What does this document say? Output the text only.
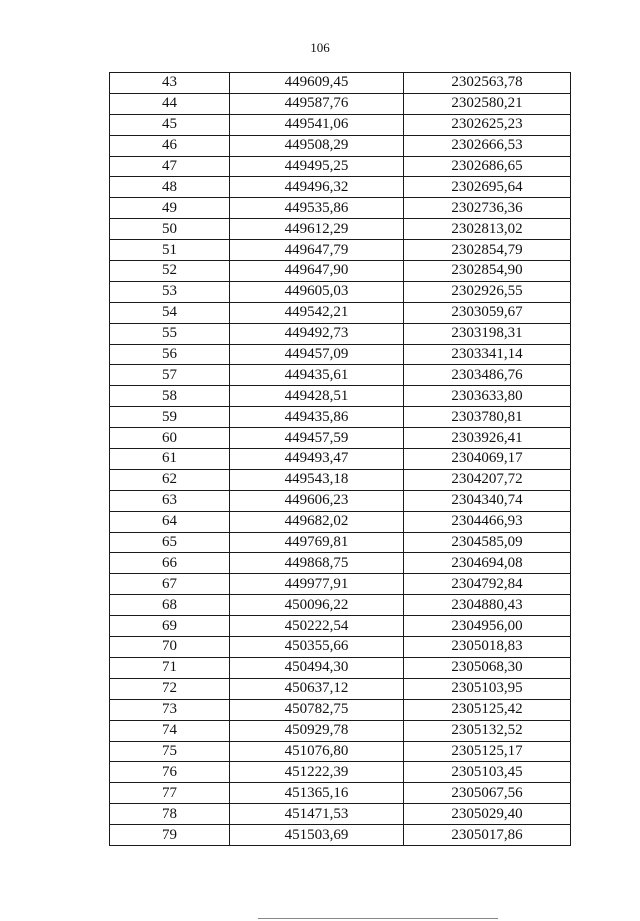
106
43	449609,45	2302563,78
44	449587,76	2302580,21
45	449541,06	2302625,23
46	449508,29	2302666,53
47	449495,25	2302686,65
48	449496,32	2302695,64
49	449535,86	2302736,36
50	449612,29	2302813,02
51	449647,79	2302854,79
52	449647,90	2302854,90
53	449605,03	2302926,55
54	449542,21	2303059,67
55	449492,73	2303198,31
56	449457,09	2303341,14
57	449435,61	2303486,76
58	449428,51	2303633,80
59	449435,86	2303780,81
60	449457,59	2303926,41
61	449493,47	2304069,17
62	449543,18	2304207,72
63	449606,23	2304340,74
64	449682,02	2304466,93
65	449769,81	2304585,09
66	449868,75	2304694,08
67	449977,91	2304792,84
68	450096,22	2304880,43
69	450222,54	2304956,00
70	450355,66	2305018,83
71	450494,30	2305068,30
72	450637,12	2305103,95
73	450782,75	2305125,42
74	450929,78	2305132,52
75	451076,80	2305125,17
76	451222,39	2305103,45
77	451365,16	2305067,56
78	451471,53	2305029,40
79	451503,69	2305017,86
